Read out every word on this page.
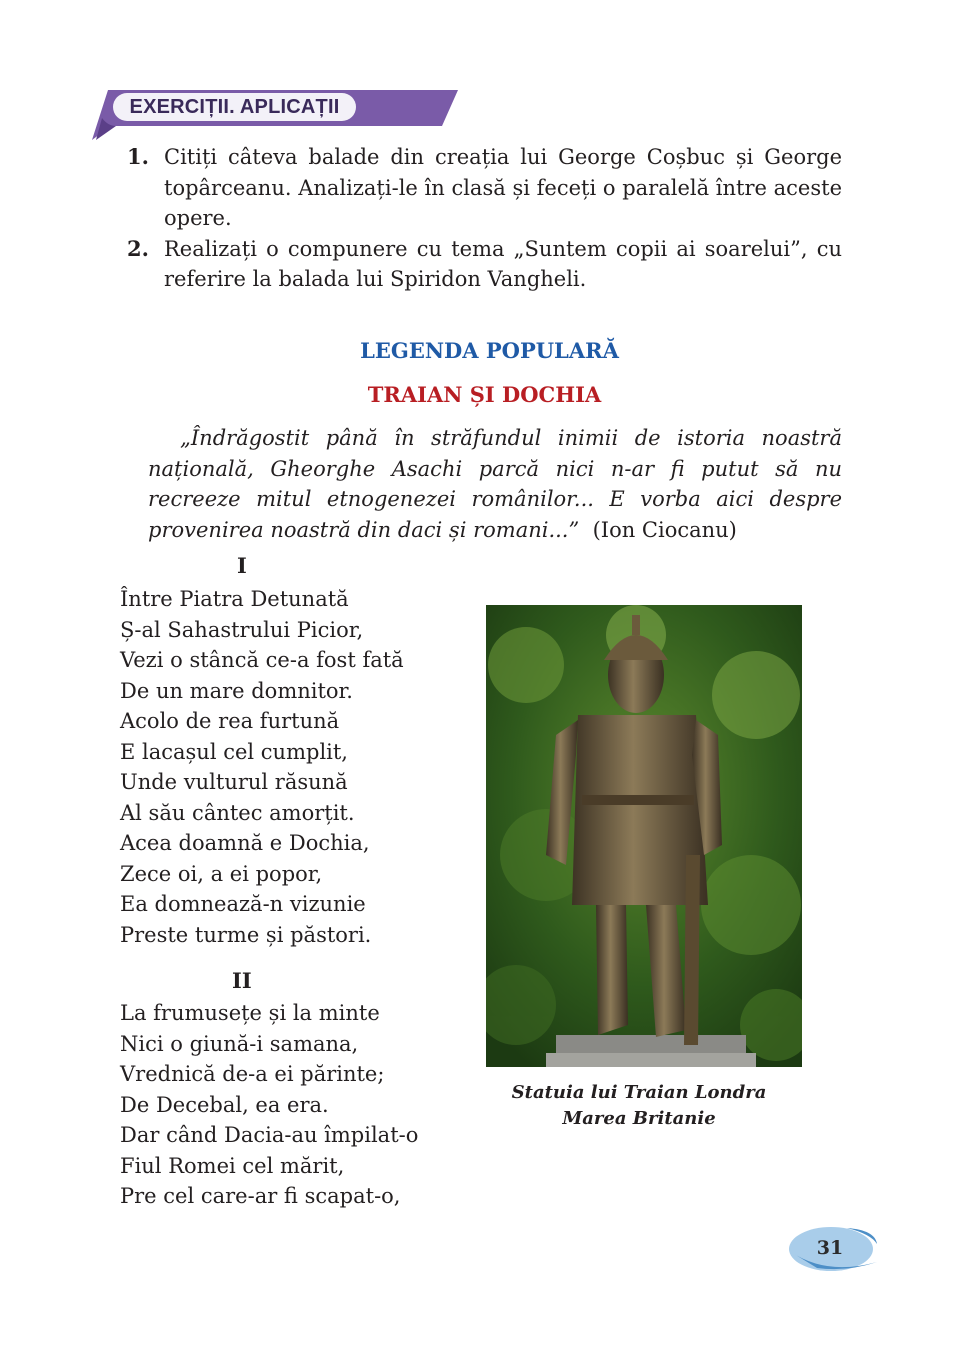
EXERCIȚII. APLICAȚII
1. Citiți câteva balade din creația lui George Coșbuc și George topârceanu. Analizați-le în clasă și feceți o paralelă între aceste opere.
2. Realizați o compunere cu tema „Suntem copii ai soarelui”, cu referire la balada lui Spiridon Vangheli.
LEGENDA POPULARĂ
TRAIAN ȘI DOCHIA

„Îndrăgostit până în străfundul inimii de istoria noastră națională, Gheorghe Asachi parcă nici n-ar fi putut să nu recreeze mitul etnogenezei românilor... E vorba aici despre provenirea noastră din daci și romani...” (Ion Ciocanu)

I
Între Piatra Detunată
Ș-al Sahastrului Picior,
Vezi o stâncă ce-a fost fată
De un mare domnitor.
Acolo de rea furtună
E lacașul cel cumplit,
Unde vulturul răsună
Al său cântec amorțit.
Acea doamnă e Dochia,
Zece oi, a ei popor,
Ea domnează-n vizunie
Preste turme și păstori.
II
La frumusețe și la minte
Nici o giună-i samana,
Vrednică de-a ei părinte;
De Decebal, ea era.
Dar când Dacia-au împilat-o
Fiul Romei cel mărit,
Pre cel care-ar fi scapat-o,
Statuia lui Traian Londra
Marea Britanie
31
